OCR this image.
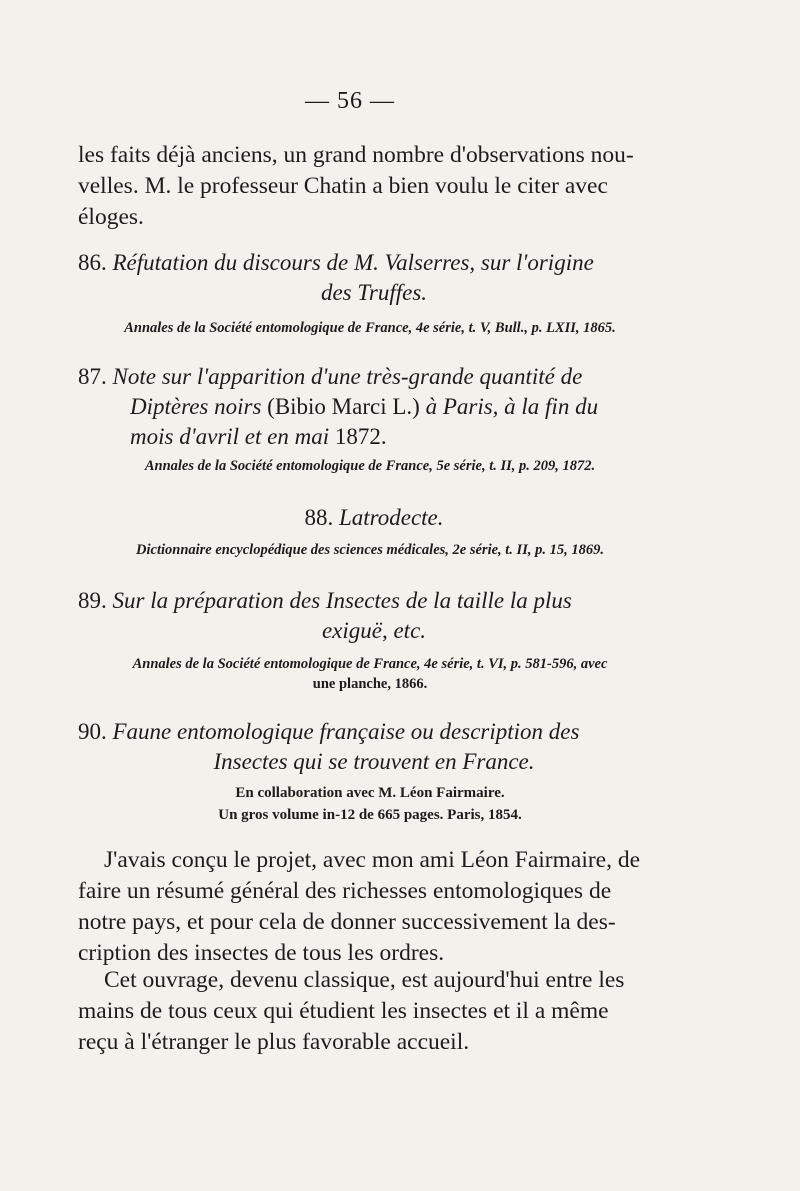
— 56 —
les faits déjà anciens, un grand nombre d'observations nou-
velles. M. le professeur Chatin a bien voulu le citer avec
éloges.
86. Réfutation du discours de M. Valserres, sur l'origine
des Truffes.
Annales de la Société entomologique de France, 4e série, t. V, Bull., p. LXII, 1865.
87. Note sur l'apparition d'une très-grande quantité de
Diptères noirs (Bibio Marci L.) à Paris, à la fin du
mois d'avril et en mai 1872.
Annales de la Société entomologique de France, 5e série, t. II, p. 209, 1872.
88. Latrodecte.
Dictionnaire encyclopédique des sciences médicales, 2e série, t. II, p. 15, 1869.
89. Sur la préparation des Insectes de la taille la plus
exiguë, etc.
Annales de la Société entomologique de France, 4e série, t. VI, p. 581-596, avec
une planche, 1866.
90. Faune entomologique française ou description des
Insectes qui se trouvent en France.
En collaboration avec M. Léon Fairmaire.
Un gros volume in-12 de 665 pages. Paris, 1854.
J'avais conçu le projet, avec mon ami Léon Fairmaire, de
faire un résumé général des richesses entomologiques de
notre pays, et pour cela de donner successivement la des-
cription des insectes de tous les ordres.
Cet ouvrage, devenu classique, est aujourd'hui entre les
mains de tous ceux qui étudient les insectes et il a même
reçu à l'étranger le plus favorable accueil.
